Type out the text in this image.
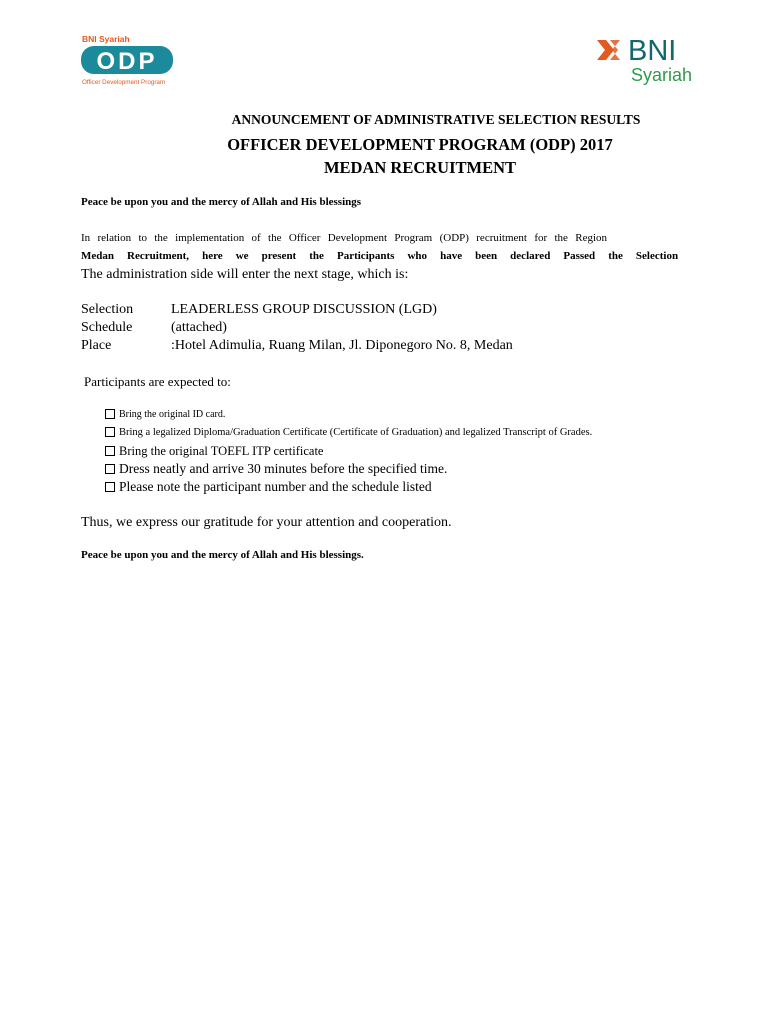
BNI Syariah
ODP
Officer Development Program
BNI
Syariah
ANNOUNCEMENT OF ADMINISTRATIVE SELECTION RESULTS
OFFICER DEVELOPMENT PROGRAM (ODP) 2017
MEDAN RECRUITMENT
Peace be upon you and the mercy of Allah and His blessings
In relation to the implementation of the Officer Development Program (ODP) recruitment for the Region
Medan Recruitment, here we present the Participants who have been declared Passed the Selection
The administration side will enter the next stage, which is:
Selection	LEADERLESS GROUP DISCUSSION (LGD)
Schedule	(attached)
Place	:Hotel Adimulia, Ruang Milan, Jl. Diponegoro No. 8, Medan
Participants are expected to:
Bring the original ID card.
Bring a legalized Diploma/Graduation Certificate (Certificate of Graduation) and legalized Transcript of Grades.
Bring the original TOEFL ITP certificate
Dress neatly and arrive 30 minutes before the specified time.
Please note the participant number and the schedule listed
Thus, we express our gratitude for your attention and cooperation.
Peace be upon you and the mercy of Allah and His blessings.
